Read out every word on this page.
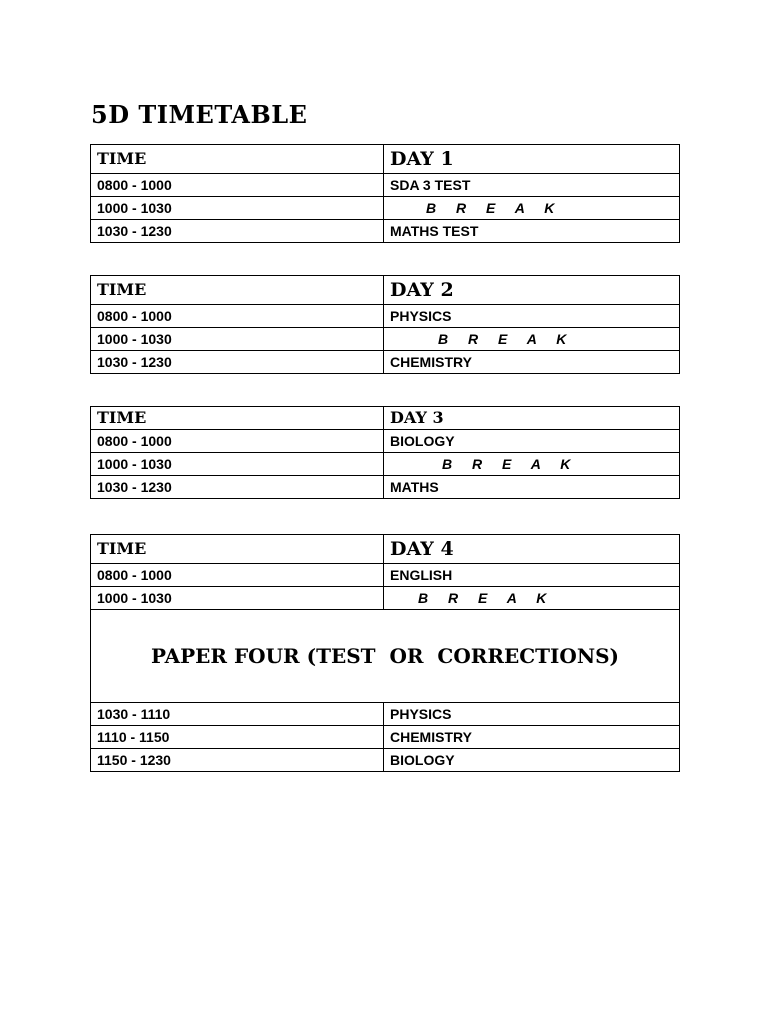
5D TIMETABLE
TIME	DAY 1
0800 - 1000	SDA 3 TEST
1000 - 1030	B R E A K
1030 - 1230	MATHS TEST
TIME	DAY 2
0800 - 1000	PHYSICS
1000 - 1030	B R E A K
1030 - 1230	CHEMISTRY
TIME	DAY 3
0800 - 1000	BIOLOGY
1000 - 1030	B R E A K
1030 - 1230	MATHS
TIME	DAY 4
0800 - 1000	ENGLISH
1000 - 1030	B R E A K
PAPER FOUR (TEST  OR  CORRECTIONS)	
1030 - 1110	PHYSICS
1110 - 1150	CHEMISTRY
1150 - 1230	BIOLOGY
